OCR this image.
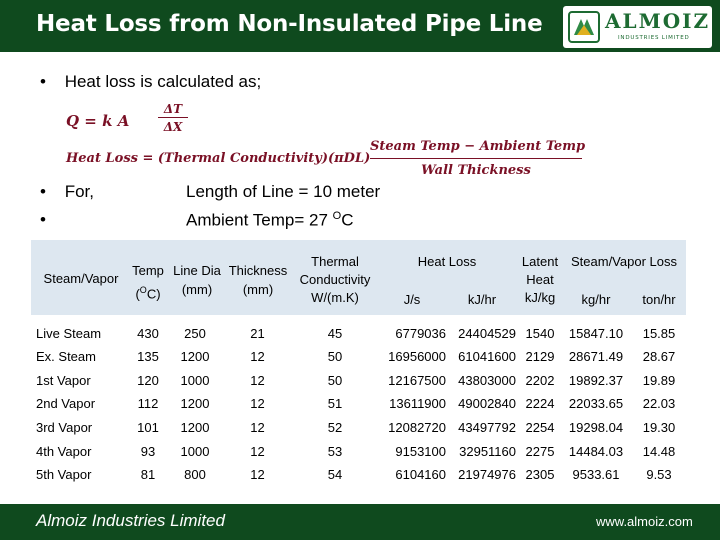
Heat Loss from Non-Insulated Pipe Line	ALMOIZ
INDUSTRIES LIMITED
• Heat loss is calculated as;
Q = k A
ΔT
ΔX
Heat Loss = (Thermal Conductivity)(πDL)
Steam Temp − Ambient Temp
Wall Thickness
• For,	Length of Line = 10 meter
•	Ambient Temp= 27 $^O$C
Steam/Vapor
Temp
($^O$C)
Line Dia
(mm)
Thickness
(mm)
Thermal
Conductivity
W/(m.K)
Heat Loss
J/s	kJ/hr
Latent
Heat
kJ/kg
Steam/Vapor Loss
kg/hr	ton/hr
Live Steam	430	250	21	45	6779036 24404529 1540	15847.10	15.85
Ex. Steam	135	1200	12	50	16956000 61041600 2129	28671.49	28.67
1st Vapor	120	1000	12	50	12167500 43803000 2202	19892.37	19.89
2nd Vapor	112	1200	12	51	13611900 49002840 2224	22033.65	22.03
3rd Vapor	101	1200	12	52	12082720 43497792 2254	19298.04	19.30
4th Vapor	93	1000	12	53	9153100	32951160 2275	14484.03	14.48
5th Vapor	81	800	12	54	6104160 21974976 2305	9533.61	9.53
Almoiz Industries Limited	www.almoiz.com
